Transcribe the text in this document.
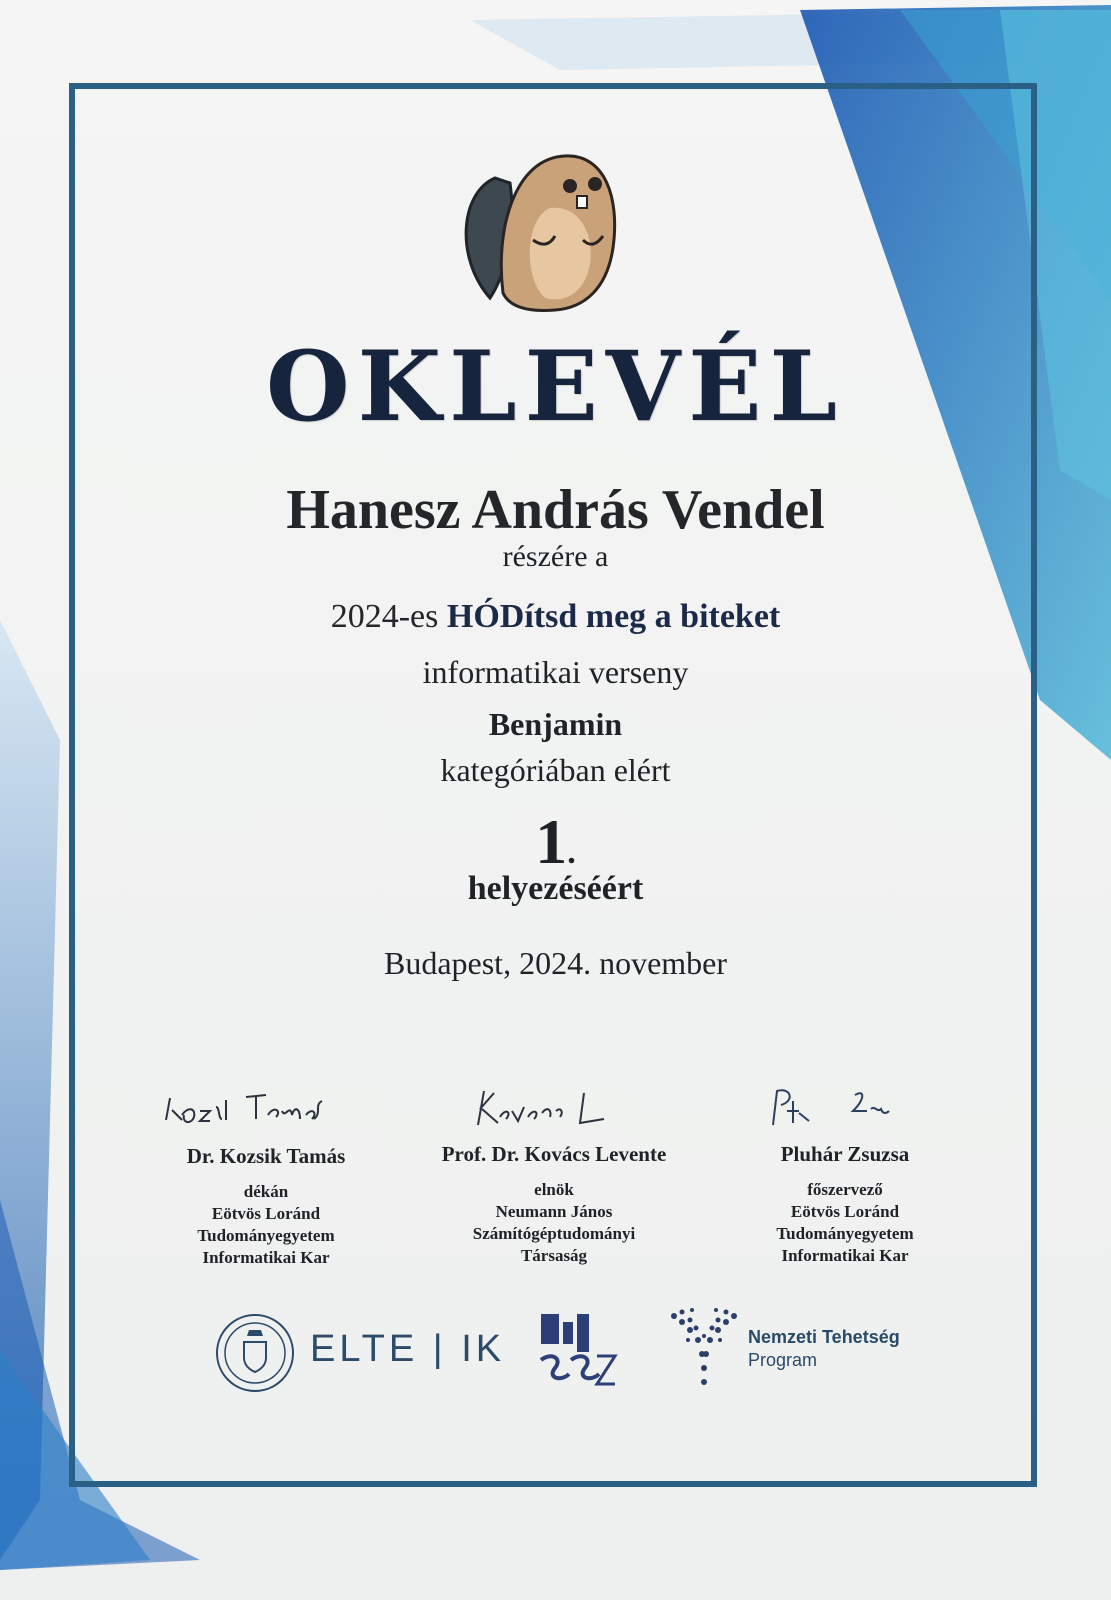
OKLEVÉL
Hanesz András Vendel
részére a
2024-es HÓDítsd meg a biteket
informatikai verseny
Benjamin
kategóriában elért
1.
helyezéséért
Budapest, 2024. november
Dr. Kozsik Tamás
dékán
Eötvös Loránd
Tudományegyetem
Informatikai Kar
Prof. Dr. Kovács Levente
elnök
Neumann János
Számítógéptudományi
Társaság
Pluhár Zsuzsa
főszervező
Eötvös Loránd
Tudományegyetem
Informatikai Kar
ELTE | IK	Nemzeti Tehetség
Program
